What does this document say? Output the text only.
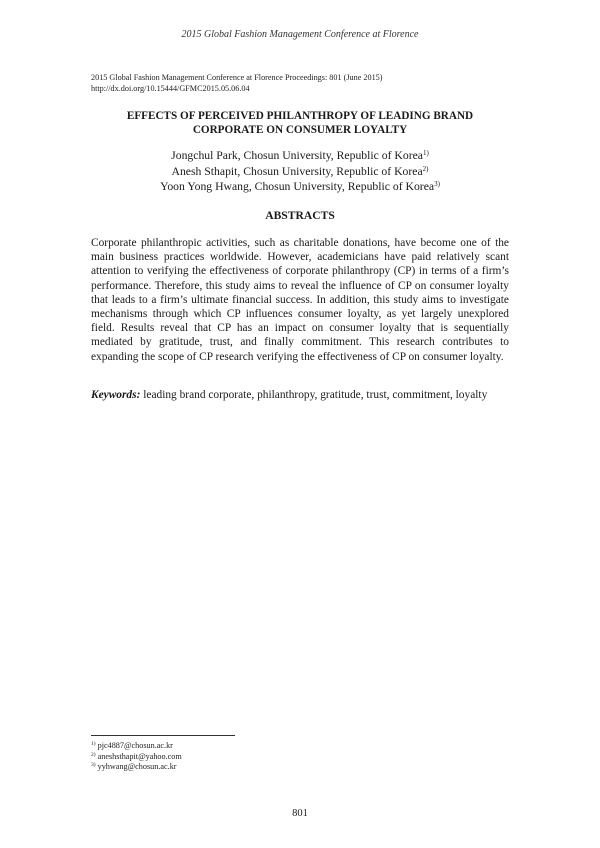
2015 Global Fashion Management Conference at Florence
2015 Global Fashion Management Conference at Florence Proceedings: 801 (June 2015)
http://dx.doi.org/10.15444/GFMC2015.05.06.04
EFFECTS OF PERCEIVED PHILANTHROPY OF LEADING BRAND
CORPORATE ON CONSUMER LOYALTY
Jongchul Park, Chosun University, Republic of Korea$^{1)}$
Anesh Sthapit, Chosun University, Republic of Korea$^{2)}$
Yoon Yong Hwang, Chosun University, Republic of Korea$^{3)}$
ABSTRACTS

Corporate philanthropic activities, such as charitable donations, have become one of the main business practices worldwide. However, academicians have paid relatively scant attention to verifying the effectiveness of corporate philanthropy (CP) in terms of a firm’s performance. Therefore, this study aims to reveal the influence of CP on consumer loyalty that leads to a firm’s ultimate financial success. In addition, this study aims to investigate mechanisms through which CP influences consumer loyalty, as yet largely unexplored field. Results reveal that CP has an impact on consumer loyalty that is sequentially mediated by gratitude, trust, and finally commitment. This research contributes to expanding the scope of CP research verifying the effectiveness of CP on consumer loyalty.

Keywords: leading brand corporate, philanthropy, gratitude, trust, commitment, loyalty

$^{1)}$ pjc4887@chosun.ac.kr
$^{2)}$ aneshsthapit@yahoo.com
$^{3)}$ yyhwang@chosun.ac.kr
801
